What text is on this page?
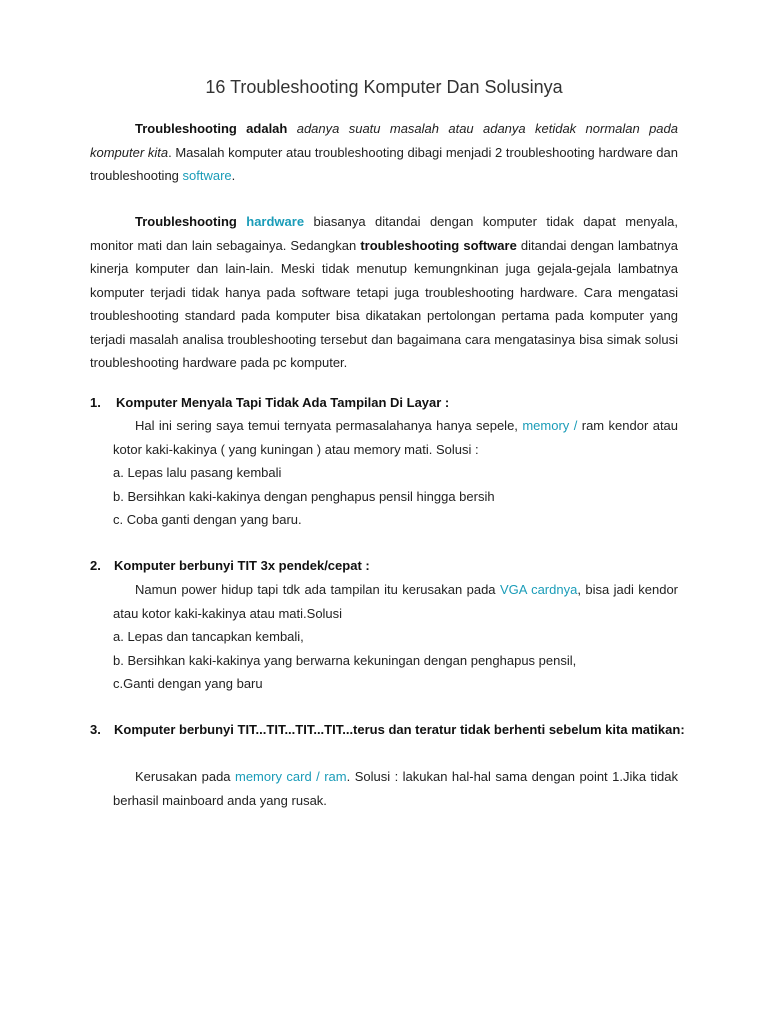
16 Troubleshooting Komputer Dan Solusinya
Troubleshooting adalah adanya suatu masalah atau adanya ketidak normalan pada komputer kita. Masalah komputer atau troubleshooting dibagi menjadi 2 troubleshooting hardware dan troubleshooting software.
Troubleshooting hardware biasanya ditandai dengan komputer tidak dapat menyala, monitor mati dan lain sebagainya. Sedangkan troubleshooting software ditandai dengan lambatnya kinerja komputer dan lain-lain. Meski tidak menutup kemungnkinan juga gejala-gejala lambatnya komputer terjadi tidak hanya pada software tetapi juga troubleshooting hardware. Cara mengatasi troubleshooting standard pada komputer bisa dikatakan pertolongan pertama pada komputer yang terjadi masalah analisa troubleshooting tersebut dan bagaimana cara mengatasinya bisa simak solusi troubleshooting hardware pada pc komputer.
1. Komputer Menyala Tapi Tidak Ada Tampilan Di Layar :
Hal ini sering saya temui ternyata permasalahanya hanya sepele, memory / ram kendor atau kotor kaki-kakinya ( yang kuningan ) atau memory mati. Solusi :
a. Lepas lalu pasang kembali
b. Bersihkan kaki-kakinya dengan penghapus pensil hingga bersih
c. Coba ganti dengan yang baru.
2. Komputer berbunyi TIT 3x pendek/cepat :
Namun power hidup tapi tdk ada tampilan itu kerusakan pada VGA cardnya, bisa jadi kendor atau kotor kaki-kakinya atau mati.Solusi
a. Lepas dan tancapkan kembali,
b. Bersihkan kaki-kakinya yang berwarna kekuningan dengan penghapus pensil,
c.Ganti dengan yang baru
3. Komputer berbunyi TIT...TIT...TIT...TIT...terus dan teratur tidak berhenti sebelum kita matikan:
Kerusakan pada memory card / ram. Solusi : lakukan hal-hal sama dengan point 1.Jika tidak berhasil mainboard anda yang rusak.
